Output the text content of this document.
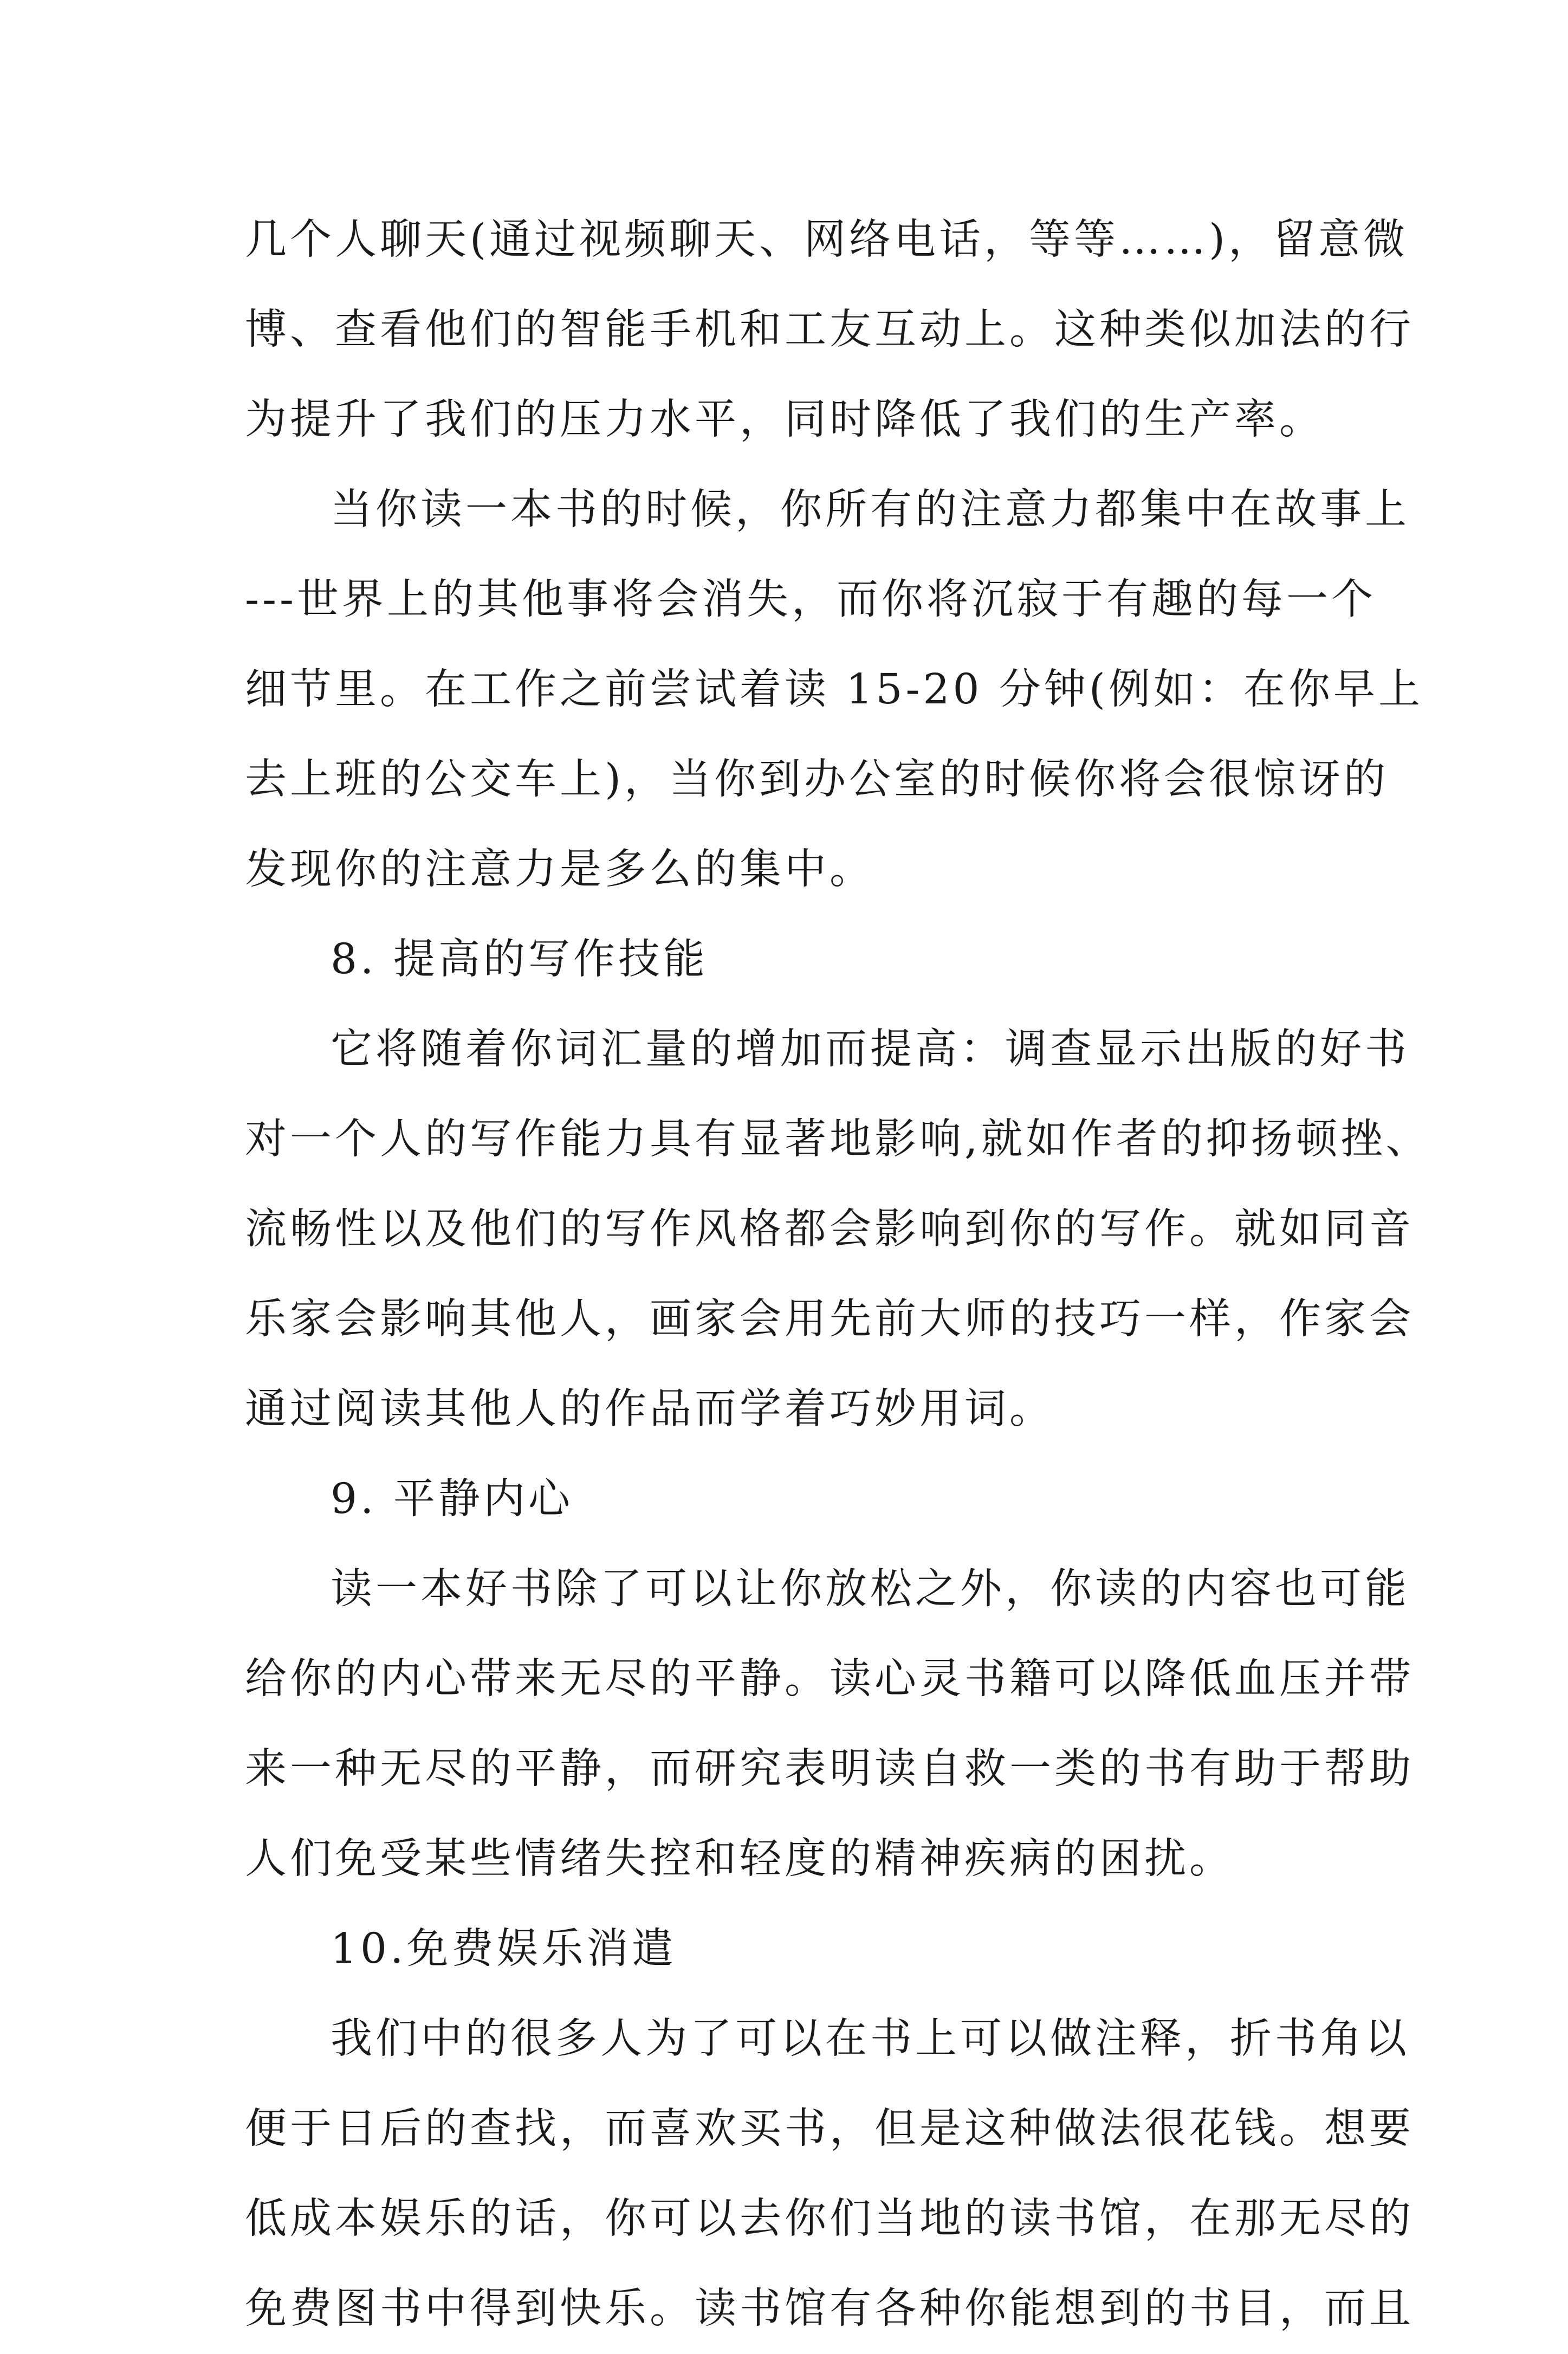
几个人聊天(通过视频聊天、网络电话，等等……)，留意微
博、查看他们的智能手机和工友互动上。这种类似加法的行
为提升了我们的压力水平，同时降低了我们的生产率。
当你读一本书的时候，你所有的注意力都集中在故事上
---世界上的其他事将会消失，而你将沉寂于有趣的每一个
细节里。在工作之前尝试着读 15-20 分钟(例如：在你早上
去上班的公交车上)，当你到办公室的时候你将会很惊讶的
发现你的注意力是多么的集中。
8. 提高的写作技能
它将随着你词汇量的增加而提高：调查显示出版的好书
对一个人的写作能力具有显著地影响,就如作者的抑扬顿挫、
流畅性以及他们的写作风格都会影响到你的写作。就如同音
乐家会影响其他人，画家会用先前大师的技巧一样，作家会
通过阅读其他人的作品而学着巧妙用词。
9. 平静内心
读一本好书除了可以让你放松之外，你读的内容也可能
给你的内心带来无尽的平静。读心灵书籍可以降低血压并带
来一种无尽的平静，而研究表明读自救一类的书有助于帮助
人们免受某些情绪失控和轻度的精神疾病的困扰。
10.免费娱乐消遣
我们中的很多人为了可以在书上可以做注释，折书角以
便于日后的查找，而喜欢买书，但是这种做法很花钱。想要
低成本娱乐的话，你可以去你们当地的读书馆，在那无尽的
免费图书中得到快乐。读书馆有各种你能想到的书目，而且
